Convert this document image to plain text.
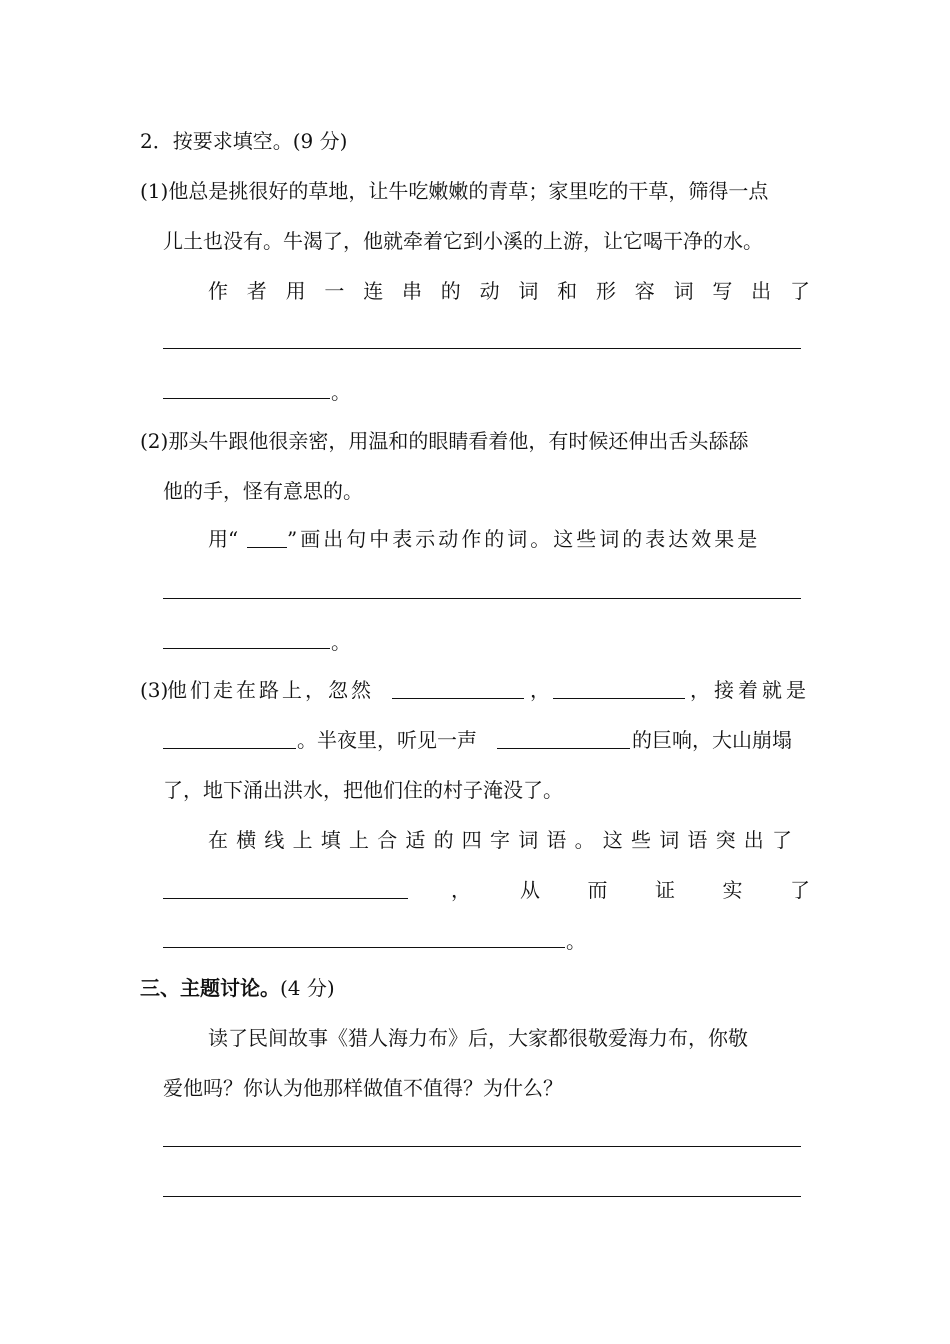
2．按要求填空。(9 分)
(1)他总是挑很好的草地，让牛吃嫩嫩的青草；家里吃的干草，筛得一点
儿土也没有。牛渴了，他就牵着它到小溪的上游，让它喝干净的水。
作 者 用 一 连 串 的 动 词 和 形 容 词 写 出 了
。
(2)那头牛跟他很亲密，用温和的眼睛看着他，有时候还伸出舌头舔舔
他的手，怪有意思的。
用“ ”画出句中表示动作的词。这些词的表达效果是
。
(3)
他们走在路上，忽然	，	，接着就是
。半夜里，听见一声	的巨响，大山崩塌
了，地下涌出洪水，把他们住的村子淹没了。
在横线上填上合适的四字词语。这些词语突出了
， 从 而 证 实 了
。
三、主题讨论。(4 分)
读了民间故事《猎人海力布》后，大家都很敬爱海力布，你敬
爱他吗？你认为他那样做值不值得？为什么？
